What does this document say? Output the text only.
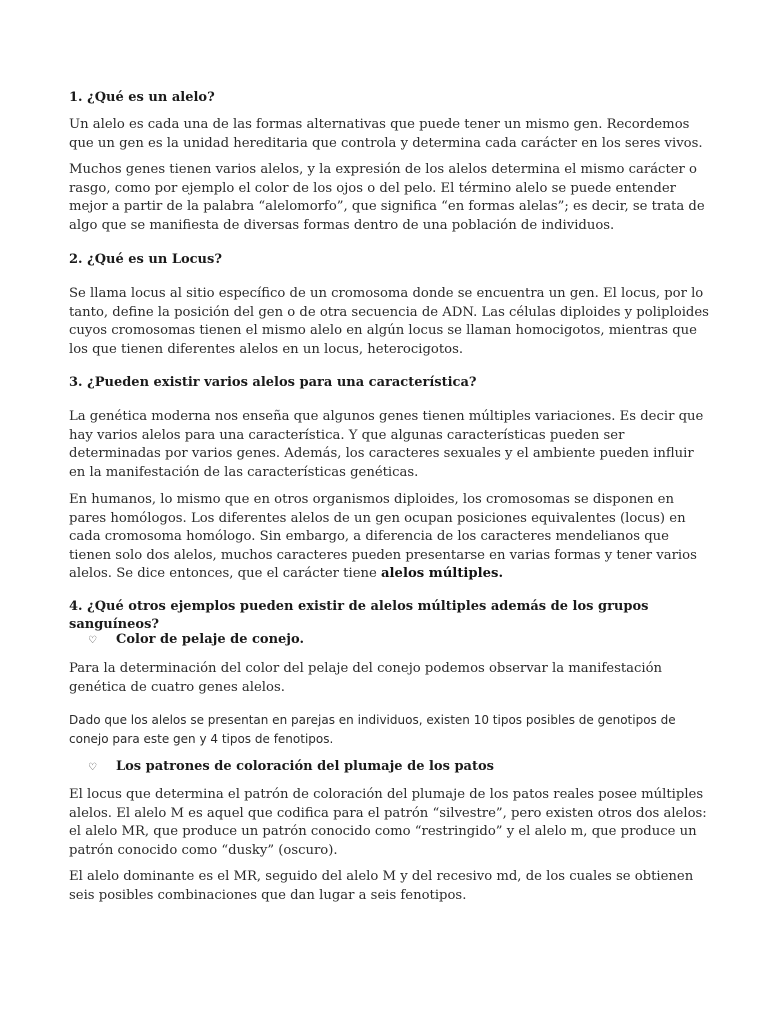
1. ¿Qué es un alelo?

Un alelo es cada una de las formas alternativas que puede tener un mismo gen. Recordemos que un gen es la unidad hereditaria que controla y determina cada carácter en los seres vivos.

Muchos genes tienen varios alelos, y la expresión de los alelos determina el mismo carácter o rasgo, como por ejemplo el color de los ojos o del pelo. El término alelo se puede entender mejor a partir de la palabra “alelomorfo”, que significa “en formas alelas”; es decir, se trata de algo que se manifiesta de diversas formas dentro de una población de individuos.

2. ¿Qué es un Locus?

Se llama locus al sitio específico de un cromosoma donde se encuentra un gen. El locus, por lo tanto, define la posición del gen o de otra secuencia de ADN. Las células diploides y poliploides cuyos cromosomas tienen el mismo alelo en algún locus se llaman homocigotos, mientras que los que tienen diferentes alelos en un locus, heterocigotos.

3. ¿Pueden existir varios alelos para una característica?

La genética moderna nos enseña que algunos genes tienen múltiples variaciones. Es decir que hay varios alelos para una característica. Y que algunas características pueden ser determinadas por varios genes. Además, los caracteres sexuales y el ambiente pueden influir en la manifestación de las características genéticas.

En humanos, lo mismo que en otros organismos diploides, los cromosomas se disponen en pares homólogos. Los diferentes alelos de un gen ocupan posiciones equivalentes (locus) en cada cromosoma homólogo. Sin embargo, a diferencia de los caracteres mendelianos que tienen solo dos alelos, muchos caracteres pueden presentarse en varias formas y tener varios alelos. Se dice entonces, que el carácter tiene alelos múltiples.

4. ¿Qué otros ejemplos pueden existir de alelos múltiples además de los grupos sanguíneos?

♡ Color de pelaje de conejo.

Para la determinación del color del pelaje del conejo podemos observar la manifestación genética de cuatro genes alelos.

Dado que los alelos se presentan en parejas en individuos, existen 10 tipos posibles de genotipos de conejo para este gen y 4 tipos de fenotipos.

♡ Los patrones de coloración del plumaje de los patos

El locus que determina el patrón de coloración del plumaje de los patos reales posee múltiples alelos. El alelo M es aquel que codifica para el patrón “silvestre”, pero existen otros dos alelos: el alelo MR, que produce un patrón conocido como “restringido” y el alelo m, que produce un patrón conocido como “dusky” (oscuro).

El alelo dominante es el MR, seguido del alelo M y del recesivo md, de los cuales se obtienen seis posibles combinaciones que dan lugar a seis fenotipos.
